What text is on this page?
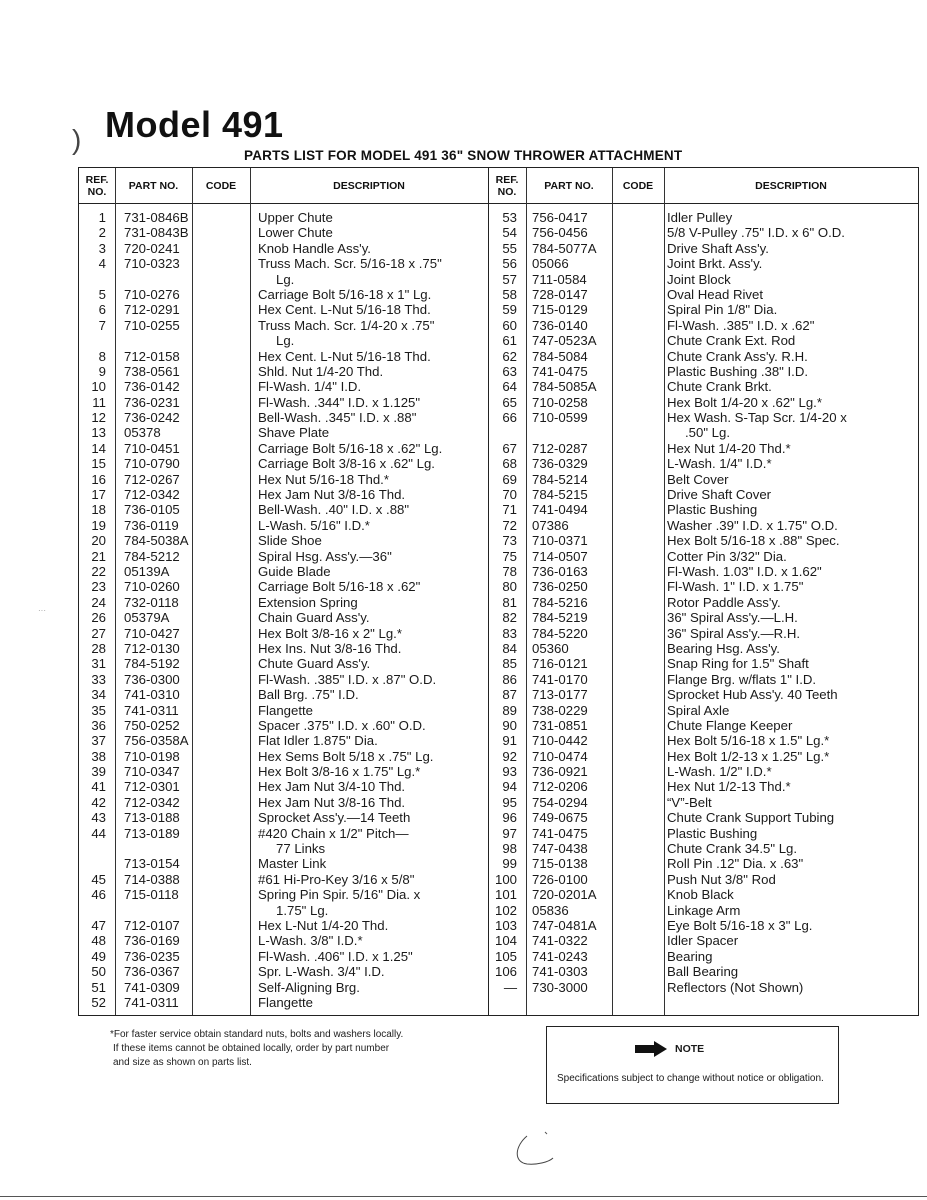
)
···
Model 491
PARTS LIST FOR MODEL 491 36" SNOW THROWER ATTACHMENT
REF. NO.	PART NO.	CODE	DESCRIPTION
1 731-0846B	Upper Chute
2 731-0843B	Lower Chute
3 720-0241	Knob Handle Ass'y.
4 710-0323	Truss Mach. Scr. 5/16-18 x .75"
Lg.
5 710-0276	Carriage Bolt 5/16-18 x 1" Lg.
6 712-0291	Hex Cent. L-Nut 5/16-18 Thd.
7 710-0255	Truss Mach. Scr. 1/4-20 x .75"
Lg.
8 712-0158	Hex Cent. L-Nut 5/16-18 Thd.
9 738-0561	Shld. Nut 1/4-20 Thd.
10 736-0142	Fl-Wash. 1/4" I.D.
11 736-0231	Fl-Wash. .344" I.D. x 1.125"
12 736-0242	Bell-Wash. .345" I.D. x .88"
13 05378	Shave Plate
14 710-0451	Carriage Bolt 5/16-18 x .62" Lg.
15 710-0790	Carriage Bolt 3/8-16 x .62" Lg.
16 712-0267	Hex Nut 5/16-18 Thd.*
17 712-0342	Hex Jam Nut 3/8-16 Thd.
18 736-0105	Bell-Wash. .40" I.D. x .88"
19 736-0119	L-Wash. 5/16" I.D.*
20 784-5038A	Slide Shoe
21 784-5212	Spiral Hsg. Ass'y.—36"
22 05139A	Guide Blade
23 710-0260	Carriage Bolt 5/16-18 x .62"
24 732-0118	Extension Spring
26 05379A	Chain Guard Ass'y.
27 710-0427	Hex Bolt 3/8-16 x 2" Lg.*
28 712-0130	Hex Ins. Nut 3/8-16 Thd.
31 784-5192	Chute Guard Ass'y.
33 736-0300	Fl-Wash. .385" I.D. x .87" O.D.
34 741-0310	Ball Brg. .75" I.D.
35 741-0311	Flangette
36 750-0252	Spacer .375" I.D. x .60" O.D.
37 756-0358A	Flat Idler 1.875" Dia.
38 710-0198	Hex Sems Bolt 5/18 x .75" Lg.
39 710-0347	Hex Bolt 3/8-16 x 1.75" Lg.*
41 712-0301	Hex Jam Nut 3/4-10 Thd.
42 712-0342	Hex Jam Nut 3/8-16 Thd.
43 713-0188	Sprocket Ass'y.—14 Teeth
44 713-0189	#420 Chain x 1/2" Pitch—
77 Links
713-0154	Master Link
45 714-0388	#61 Hi-Pro-Key 3/16 x 5/8"
46 715-0118	Spring Pin Spir. 5/16" Dia. x
1.75" Lg.
47 712-0107	Hex L-Nut 1/4-20 Thd.
48 736-0169	L-Wash. 3/8" I.D.*
49 736-0235	Fl-Wash. .406" I.D. x 1.25"
50 736-0367	Spr. L-Wash. 3/4" I.D.
51 741-0309	Self-Aligning Brg.
52 741-0311	Flangette
REF. NO.	PART NO.	CODE	DESCRIPTION
53 756-0417	Idler Pulley
54 756-0456	5/8 V-Pulley .75" I.D. x 6" O.D.
55 784-5077A	Drive Shaft Ass'y.
56 05066	Joint Brkt. Ass'y.
57 711-0584	Joint Block
58 728-0147	Oval Head Rivet
59 715-0129	Spiral Pin 1/8" Dia.
60 736-0140	Fl-Wash. .385" I.D. x .62"
61 747-0523A	Chute Crank Ext. Rod
62 784-5084	Chute Crank Ass'y. R.H.
63 741-0475	Plastic Bushing .38" I.D.
64 784-5085A	Chute Crank Brkt.
65 710-0258	Hex Bolt 1/4-20 x .62" Lg.*
66 710-0599	Hex Wash. S-Tap Scr. 1/4-20 x
.50" Lg.
67 712-0287	Hex Nut 1/4-20 Thd.*
68 736-0329	L-Wash. 1/4" I.D.*
69 784-5214	Belt Cover
70 784-5215	Drive Shaft Cover
71 741-0494	Plastic Bushing
72 07386	Washer .39" I.D. x 1.75" O.D.
73 710-0371	Hex Bolt 5/16-18 x .88" Spec.
75 714-0507	Cotter Pin 3/32" Dia.
78 736-0163	Fl-Wash. 1.03" I.D. x 1.62"
80 736-0250	Fl-Wash. 1" I.D. x 1.75"
81 784-5216	Rotor Paddle Ass'y.
82 784-5219	36" Spiral Ass'y.—L.H.
83 784-5220	36" Spiral Ass'y.—R.H.
84 05360	Bearing Hsg. Ass'y.
85 716-0121	Snap Ring for 1.5" Shaft
86 741-0170	Flange Brg. w/flats 1" I.D.
87 713-0177	Sprocket Hub Ass'y. 40 Teeth
89 738-0229	Spiral Axle
90 731-0851	Chute Flange Keeper
91 710-0442	Hex Bolt 5/16-18 x 1.5" Lg.*
92 710-0474	Hex Bolt 1/2-13 x 1.25" Lg.*
93 736-0921	L-Wash. 1/2" I.D.*
94 712-0206	Hex Nut 1/2-13 Thd.*
95 754-0294	“V”-Belt
96 749-0675	Chute Crank Support Tubing
97 741-0475	Plastic Bushing
98 747-0438	Chute Crank 34.5" Lg.
99 715-0138	Roll Pin .12" Dia. x .63"
100 726-0100	Push Nut 3/8" Rod
101 720-0201A	Knob Black
102 05836	Linkage Arm
103 747-0481A	Eye Bolt 5/16-18 x 3" Lg.
104 741-0322	Idler Spacer
105 741-0243	Bearing
106 741-0303	Ball Bearing
— 730-3000	Reflectors (Not Shown)
*For faster service obtain standard nuts, bolts and washers locally.
If these items cannot be obtained locally, order by part number
and size as shown on parts list.
NOTE
Specifications subject to change without notice or obligation.
